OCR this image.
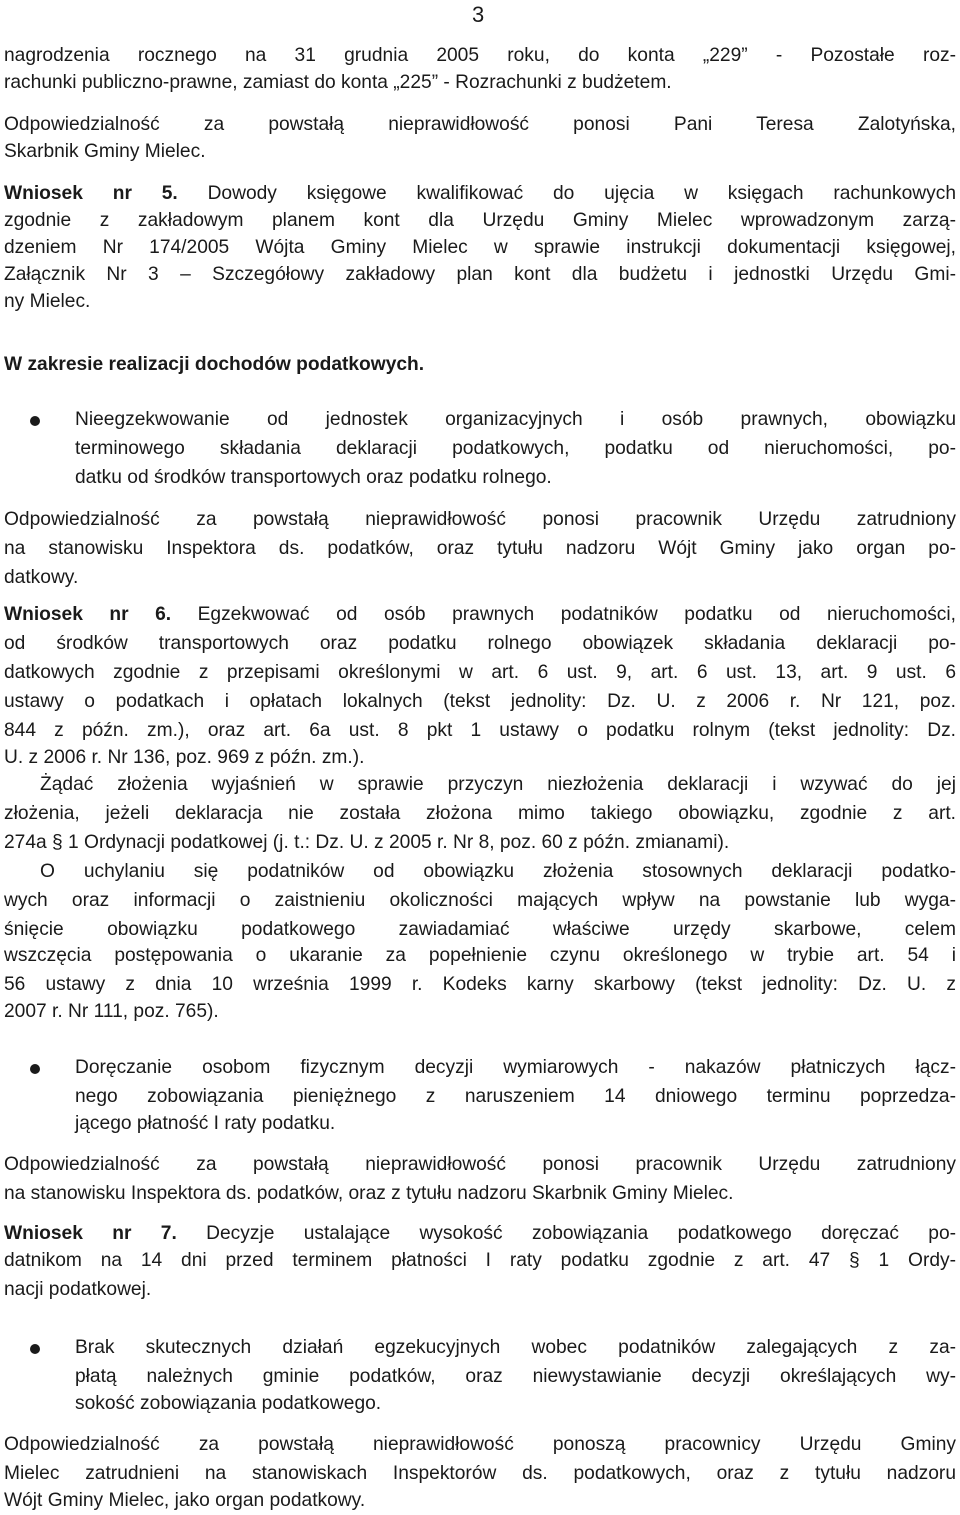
3
nagrodzenia rocznego na 31 grudnia 2005 roku, do konta „229” - Pozostałe roz-
rachunki publiczno-prawne, zamiast do konta „225” - Rozrachunki z budżetem.
Odpowiedzialność za powstałą nieprawidłowość ponosi Pani Teresa Zalotyńska,
Skarbnik Gminy Mielec.
Wniosek nr 5. Dowody księgowe kwalifikować do ujęcia w księgach rachunkowych
zgodnie z zakładowym planem kont dla Urzędu Gminy Mielec wprowadzonym zarzą-
dzeniem Nr 174/2005 Wójta Gminy Mielec w sprawie instrukcji dokumentacji księgowej,
Załącznik Nr 3 – Szczegółowy zakładowy plan kont dla budżetu i jednostki Urzędu Gmi-
ny Mielec.
W zakresie realizacji dochodów podatkowych.
Nieegzekwowanie od jednostek organizacyjnych i osób prawnych, obowiązku
terminowego składania deklaracji podatkowych, podatku od nieruchomości, po-
datku od środków transportowych oraz podatku rolnego.
Odpowiedzialność za powstałą nieprawidłowość ponosi pracownik Urzędu zatrudniony
na stanowisku Inspektora ds. podatków, oraz tytułu nadzoru Wójt Gminy jako organ po-
datkowy.
Wniosek nr 6. Egzekwować od osób prawnych podatników podatku od nieruchomości,
od środków transportowych oraz podatku rolnego obowiązek składania deklaracji po-
datkowych zgodnie z przepisami określonymi w art. 6 ust. 9, art. 6 ust. 13, art. 9 ust. 6
ustawy o podatkach i opłatach lokalnych (tekst jednolity: Dz. U. z 2006 r. Nr 121, poz.
844 z późn. zm.), oraz art. 6a ust. 8 pkt 1 ustawy o podatku rolnym (tekst jednolity: Dz.
U. z 2006 r. Nr 136, poz. 969 z późn. zm.).
Żądać złożenia wyjaśnień w sprawie przyczyn niezłożenia deklaracji i wzywać do jej
złożenia, jeżeli deklaracja nie została złożona mimo takiego obowiązku, zgodnie z art.
274a § 1 Ordynacji podatkowej (j. t.: Dz. U. z 2005 r. Nr 8, poz. 60 z późn. zmianami).
O uchylaniu się podatników od obowiązku złożenia stosownych deklaracji podatko-
wych oraz informacji o zaistnieniu okoliczności mających wpływ na powstanie lub wyga-
śnięcie obowiązku podatkowego zawiadamiać właściwe urzędy skarbowe, celem
wszczęcia postępowania o ukaranie za popełnienie czynu określonego w trybie art. 54 i
56 ustawy z dnia 10 września 1999 r. Kodeks karny skarbowy (tekst jednolity: Dz. U. z
2007 r. Nr 111, poz. 765).
Doręczanie osobom fizycznym decyzji wymiarowych - nakazów płatniczych łącz-
nego zobowiązania pieniężnego z naruszeniem 14 dniowego terminu poprzedza-
jącego płatność I raty podatku.
Odpowiedzialność za powstałą nieprawidłowość ponosi pracownik Urzędu zatrudniony
na stanowisku Inspektora ds. podatków, oraz z tytułu nadzoru Skarbnik Gminy Mielec.
Wniosek nr 7. Decyzje ustalające wysokość zobowiązania podatkowego doręczać po-
datnikom na 14 dni przed terminem płatności I raty podatku zgodnie z art. 47 § 1 Ordy-
nacji podatkowej.
Brak skutecznych działań egzekucyjnych wobec podatników zalegających z za-
płatą należnych gminie podatków, oraz niewystawianie decyzji określających wy-
sokość zobowiązania podatkowego.
Odpowiedzialność za powstałą nieprawidłowość ponoszą pracownicy Urzędu Gminy
Mielec zatrudnieni na stanowiskach Inspektorów ds. podatkowych, oraz z tytułu nadzoru
Wójt Gminy Mielec, jako organ podatkowy.
